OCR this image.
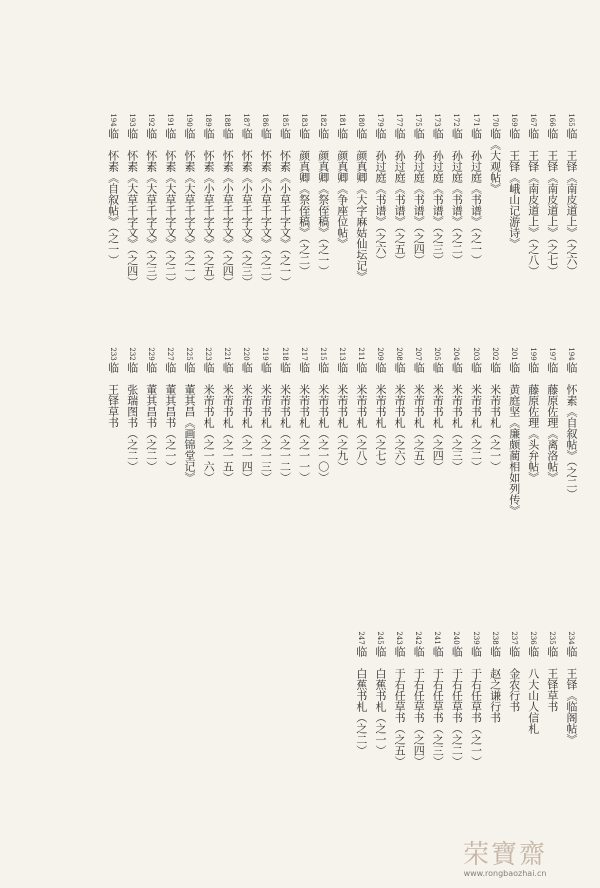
165临　王铎《南皮道上》（之六）
166临　王铎《南皮道上》（之七）
167临　王铎《南皮道上》（之八）
169临　王铎《峨山记游诗》
170临《大观帖》
171临　孙过庭《书谱》（之一）
172临　孙过庭《书谱》（之二）
173临　孙过庭《书谱》（之三）
175临　孙过庭《书谱》（之四）
177临　孙过庭《书谱》（之五）
179临　孙过庭《书谱》（之六）
180临　颜真卿《大字麻姑仙坛记》
181临　颜真卿《争座位帖》
182临　颜真卿《祭侄稿》（之一）
183临　颜真卿《祭侄稿》（之二）
185临　怀素《小草千字文》（之一）
186临　怀素《小草千字文》（之二）
187临　怀素《小草千字文》（之三）
188临　怀素《小草千字文》（之四）
189临　怀素《小草千字文》（之五）
190临　怀素《大草千字文》（之一）
191临　怀素《大草千字文》（之二）
192临　怀素《大草千字文》（之三）
193临　怀素《大草千字文》（之四）
194临　怀素《自叙帖》（之一）
194临　怀素《自叙帖》（之二）
197临　藤原佐理《离洛帖》
199临　藤原佐理《头弁帖》
201临　黄庭坚《廉颇蔺相如列传》
202临　米芾书札（之一）
203临　米芾书札（之二）
204临　米芾书札（之三）
205临　米芾书札（之四）
207临　米芾书札（之五）
208临　米芾书札（之六）
209临　米芾书札（之七）
211临　米芾书札（之八）
213临　米芾书札（之九）
215临　米芾书札（之一〇）
217临　米芾书札（之一一）
218临　米芾书札（之一二）
219临　米芾书札（之一三）
220临　米芾书札（之一四）
221临　米芾书札（之一五）
223临　米芾书札（之一六）
225临　董其昌《画锦堂记》
227临　董其昌书（之一）
229临　董其昌书（之二）
232临　张瑞图书（之二）
233临　王铎草书
234临　王铎《临阁帖》
235临　王铎草书
236临　八大山人信札
237临　金农行书
238临　赵之谦行书
239临　于右任草书（之一）
240临　于右任草书（之二）
241临　于右任草书（之三）
242临　于右任草书（之四）
243临　于右任草书（之五）
245临　白蕉书札（之一）
247临　白蕉书札（之二）
荣寶齋
www.rongbaozhai.cn
